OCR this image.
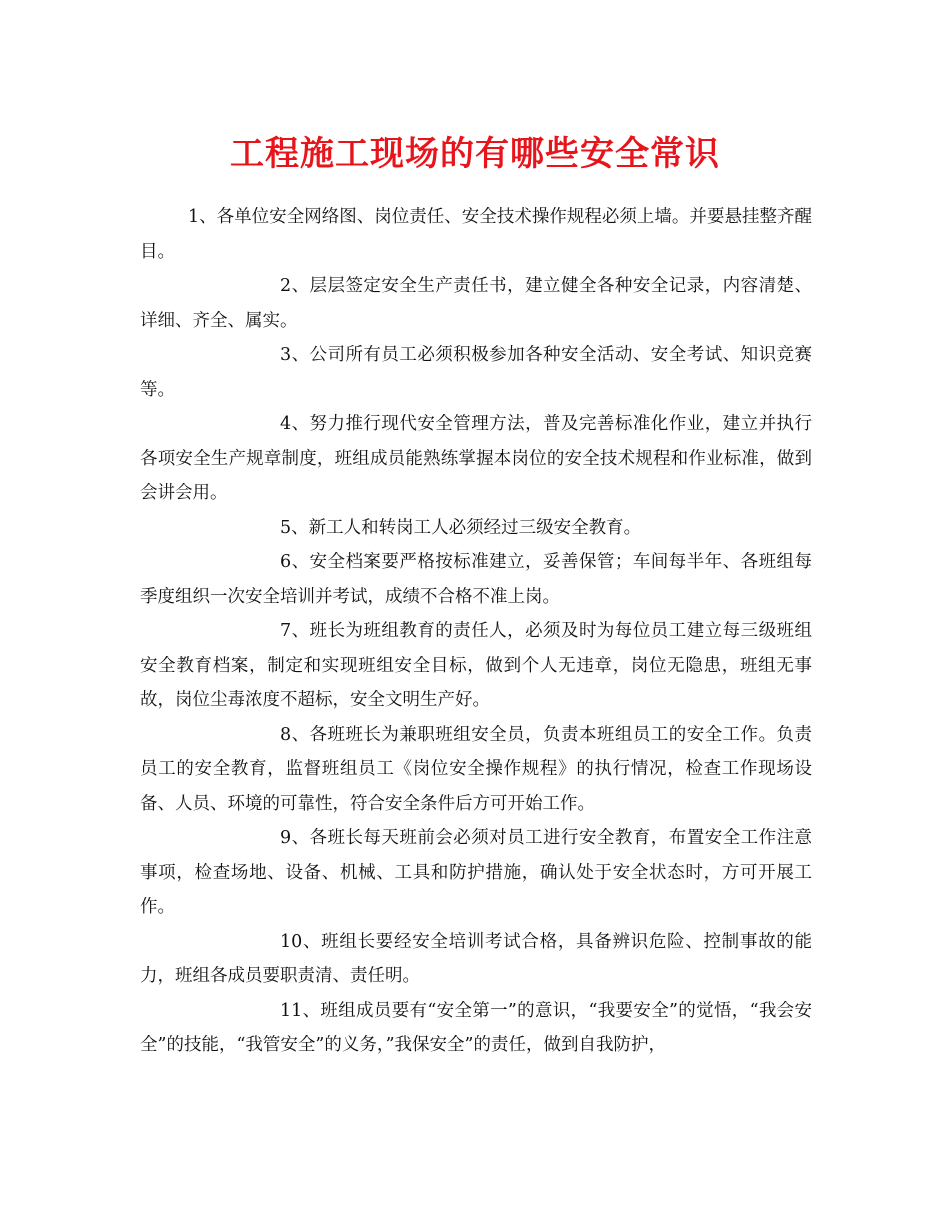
工程施工现场的有哪些安全常识

1、各单位安全网络图、岗位责任、安全技术操作规程必须上墙。并要悬挂整齐醒目。

2、层层签定安全生产责任书，建立健全各种安全记录，内容清楚、详细、齐全、属实。

3、公司所有员工必须积极参加各种安全活动、安全考试、知识竞赛等。

4、努力推行现代安全管理方法，普及完善标准化作业，建立并执行各项安全生产规章制度，班组成员能熟练掌握本岗位的安全技术规程和作业标准，做到会讲会用。

5、新工人和转岗工人必须经过三级安全教育。

6、安全档案要严格按标准建立，妥善保管；车间每半年、各班组每季度组织一次安全培训并考试，成绩不合格不准上岗。

7、班长为班组教育的责任人，必须及时为每位员工建立每三级班组安全教育档案，制定和实现班组安全目标，做到个人无违章，岗位无隐患，班组无事故，岗位尘毒浓度不超标，安全文明生产好。

8、各班班长为兼职班组安全员，负责本班组员工的安全工作。负责员工的安全教育，监督班组员工《岗位安全操作规程》的执行情况，检查工作现场设备、人员、环境的可靠性，符合安全条件后方可开始工作。

9、各班长每天班前会必须对员工进行安全教育，布置安全工作注意事项，检查场地、设备、机械、工具和防护措施，确认处于安全状态时，方可开展工作。

10、班组长要经安全培训考试合格，具备辨识危险、控制事故的能力，班组各成员要职责清、责任明。

11、班组成员要有“安全第一”的意识，“我要安全”的觉悟，“我会安全”的技能，“我管安全”的义务，”我保安全”的责任，做到自我防护，
